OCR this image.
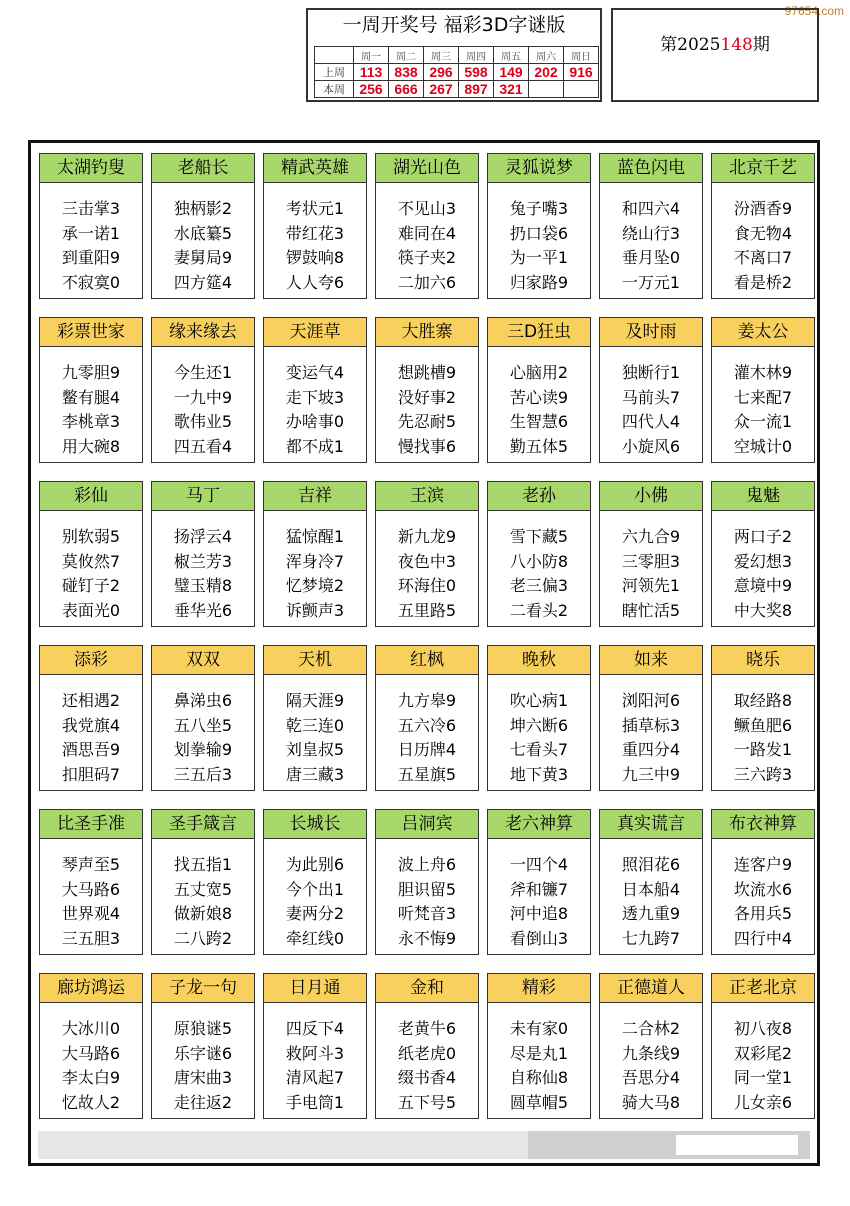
97654.com
一周开奖号 福彩3D字谜版
	周一	周二	周三	周四	周五	周六	周日
上周	113	838	296	598	149	202	916
本周	256	666	267	897	321		
第2025148期
太湖钓叟
三击掌3
承一诺1
到重阳9
不寂寞0
老船长
独柄影2
水底纂5
妻舅局9
四方筵4
精武英雄
考状元1
带红花3
锣鼓响8
人人夸6
湖光山色
不见山3
难同在4
筷子夹2
二加六6
灵狐说梦
兔子嘴3
扔口袋6
为一平1
归家路9
蓝色闪电
和四六4
绕山行3
垂月坠0
一万元1
北京千艺
汾酒香9
食无物4
不离口7
看是桥2
彩票世家
九零胆9
鳖有腿4
李桃章3
用大碗8
缘来缘去
今生还1
一九中9
歌伟业5
四五看4
天涯草
变运气4
走下坡3
办啥事0
都不成1
大胜寨
想跳槽9
没好事2
先忍耐5
慢找事6
三D狂虫
心脑用2
苦心读9
生智慧6
勤五体5
及时雨
独断行1
马前头7
四代人4
小旋风6
姜太公
灌木林9
七来配7
众一流1
空城计0
彩仙
别软弱5
莫攸然7
碰钉子2
表面光0
马丁
扬浮云4
椒兰芳3
璧玉精8
垂华光6
吉祥
猛惊醒1
浑身冷7
忆梦境2
诉颤声3
王滨
新九龙9
夜色中3
环海住0
五里路5
老孙
雪下藏5
八小防8
老三偏3
二看头2
小佛
六九合9
三零胆3
河领先1
瞎忙活5
鬼魅
两口子2
爱幻想3
意境中9
中大奖8
添彩
还相遇2
我党旗4
酒思吾9
扣胆码7
双双
鼻涕虫6
五八坐5
划拳输9
三五后3
天机
隔天涯9
乾三连0
刘皇叔5
唐三藏3
红枫
九方皋9
五六冷6
日历牌4
五星旗5
晚秋
吹心病1
坤六断6
七看头7
地下黄3
如来
浏阳河6
插草标3
重四分4
九三中9
晓乐
取经路8
鳜鱼肥6
一路发1
三六跨3
比圣手准
琴声至5
大马路6
世界观4
三五胆3
圣手箴言
找五指1
五丈宽5
做新娘8
二八跨2
长城长
为此别6
今个出1
妻两分2
牵红线0
吕洞宾
波上舟6
胆识留5
听梵音3
永不悔9
老六神算
一四个4
斧和镰7
河中追8
看倒山3
真实谎言
照泪花6
日本船4
透九重9
七九跨7
布衣神算
连客户9
坎流水6
各用兵5
四行中4
廊坊鸿运
大冰川0
大马路6
李太白9
忆故人2
子龙一句
原狼谜5
乐字谜6
唐宋曲3
走往返2
日月通
四反下4
救阿斗3
清风起7
手电筒1
金和
老黄牛6
纸老虎0
缀书香4
五下号5
精彩
未有家0
尽是丸1
自称仙8
圆草帽5
正德道人
二合林2
九条线9
吾思分4
骑大马8
正老北京
初八夜8
双彩尾2
同一堂1
儿女亲6
